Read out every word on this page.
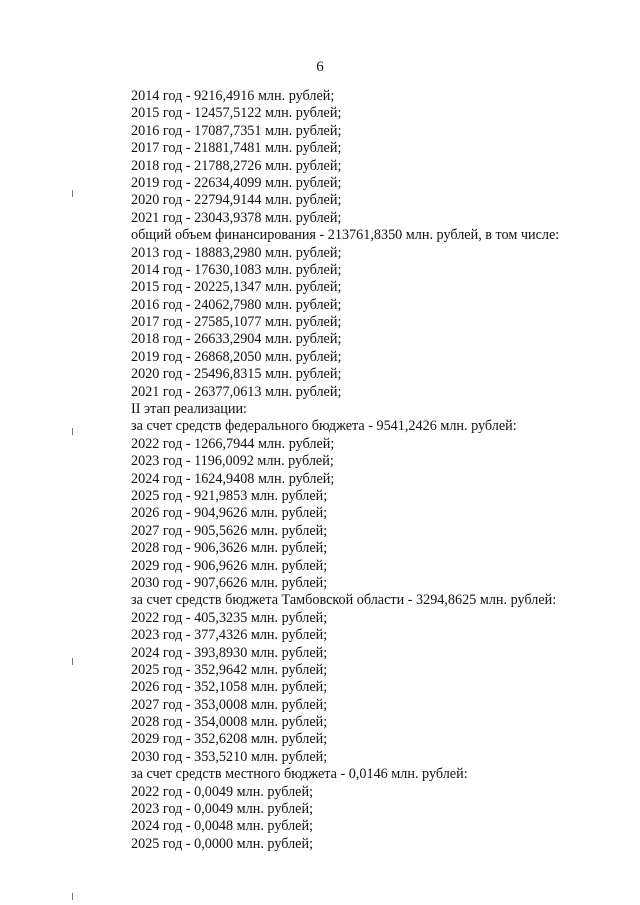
6
2014 год - 9216,4916 млн. рублей;
2015 год - 12457,5122 млн. рублей;
2016 год - 17087,7351 млн. рублей;
2017 год - 21881,7481 млн. рублей;
2018 год - 21788,2726 млн. рублей;
2019 год - 22634,4099 млн. рублей;
2020 год - 22794,9144 млн. рублей;
2021 год - 23043,9378 млн. рублей;
общий объем финансирования - 213761,8350 млн. рублей, в том числе:
2013 год - 18883,2980 млн. рублей;
2014 год - 17630,1083 млн. рублей;
2015 год - 20225,1347 млн. рублей;
2016 год - 24062,7980 млн. рублей;
2017 год - 27585,1077 млн. рублей;
2018 год - 26633,2904 млн. рублей;
2019 год - 26868,2050 млн. рублей;
2020 год - 25496,8315 млн. рублей;
2021 год - 26377,0613 млн. рублей;
II этап реализации:
за счет средств федерального бюджета - 9541,2426 млн. рублей:
2022 год - 1266,7944 млн. рублей;
2023 год - 1196,0092 млн. рублей;
2024 год - 1624,9408 млн. рублей;
2025 год - 921,9853 млн. рублей;
2026 год - 904,9626 млн. рублей;
2027 год - 905,5626 млн. рублей;
2028 год - 906,3626 млн. рублей;
2029 год - 906,9626 млн. рублей;
2030 год - 907,6626 млн. рублей;
за счет средств бюджета Тамбовской области - 3294,8625 млн. рублей:
2022 год - 405,3235 млн. рублей;
2023 год - 377,4326 млн. рублей;
2024 год - 393,8930 млн. рублей;
2025 год - 352,9642 млн. рублей;
2026 год - 352,1058 млн. рублей;
2027 год - 353,0008 млн. рублей;
2028 год - 354,0008 млн. рублей;
2029 год - 352,6208 млн. рублей;
2030 год - 353,5210 млн. рублей;
за счет средств местного бюджета - 0,0146 млн. рублей:
2022 год - 0,0049 млн. рублей;
2023 год - 0,0049 млн. рублей;
2024 год - 0,0048 млн. рублей;
2025 год - 0,0000 млн. рублей;
